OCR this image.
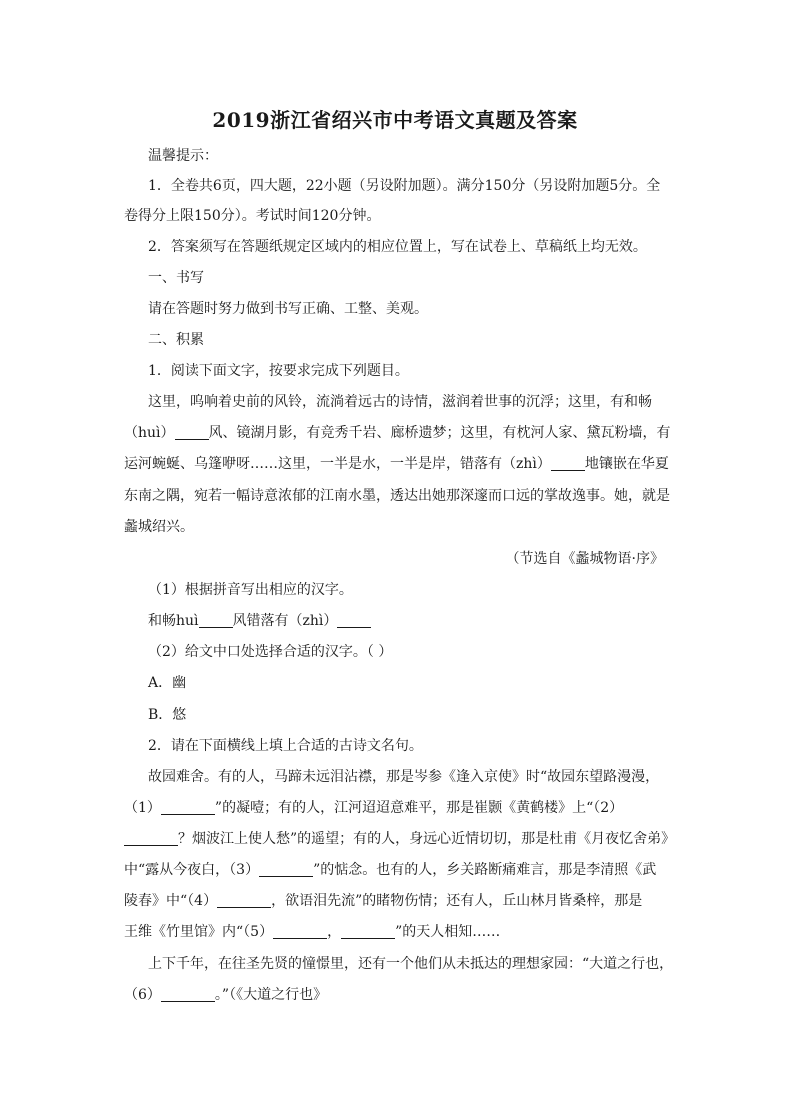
2019浙江省绍兴市中考语文真题及答案
温馨提示：
1．全卷共6页，四大题，22小题（另设附加题）。满分150分（另设附加题5分。全
卷得分上限150分）。考试时间120分钟。
2．答案须写在答题纸规定区域内的相应位置上，写在试卷上、草稿纸上均无效。
一、书写
请在答题时努力做到书写正确、工整、美观。
二、积累
1．阅读下面文字，按要求完成下列题目。
这里，呜响着史前的风铃，流淌着远古的诗情，滋润着世事的沉浮；这里，有和畅
（huì） 风、镜湖月影，有竞秀千岩、廊桥遗梦；这里，有枕河人家、黛瓦粉墙，有
运河蜿蜒、乌篷咿呀……这里，一半是水，一半是岸，错落有（zhì） 地镶嵌在华夏
东南之隅，宛若一幅诗意浓郁的江南水墨，透达出她那深邃而口远的掌故逸事。她，就是
蠡城绍兴。
（节选自《蠡城物语·序》
（1）根据拼音写出相应的汉字。
和畅huì 风错落有（zhì）
（2）给文中口处选择合适的汉字。（ ）
A．幽
B．悠
2．请在下面横线上填上合适的古诗文名句。
故园难舍。有的人，马蹄未远泪沾襟，那是岑参《逢入京使》时“故园东望路漫漫，
（1）	”的凝噎；有的人，江河迢迢意难平，那是崔颢《黄鹤楼》上“（2）
？烟波江上使人愁”的遥望；有的人，身远心近情切切，那是杜甫《月夜忆舍弟》
中“露从今夜白，（3）	”的惦念。也有的人，乡关路断痛难言，那是李清照《武
陵春》中“（4）	，欲语泪先流”的睹物伤情；还有人，丘山林月皆桑梓，那是
王维《竹里馆》内“（5）	，	”的天人相知……
上下千年，在往圣先贤的憧憬里，还有一个他们从未抵达的理想家园：“大道之行也，
（6）	。”（《大道之行也》
